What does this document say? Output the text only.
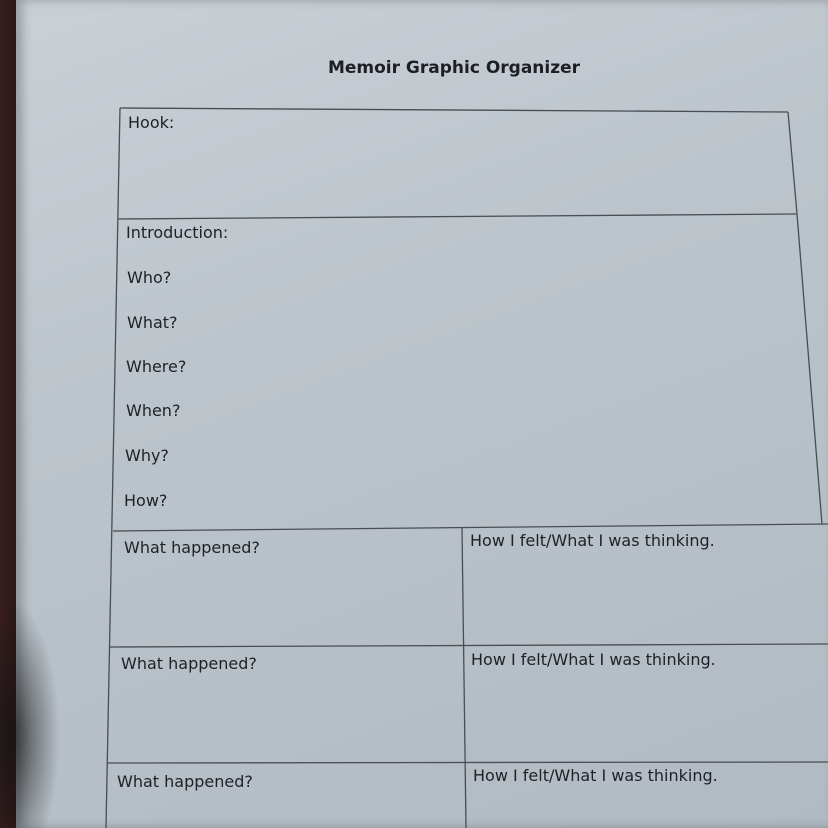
Memoir Graphic Organizer
Hook:
Introduction:
Who?
What?
Where?
When?
Why?
How?
What happened?	How I felt/What I was thinking.
What happened?	How I felt/What I was thinking.
What happened?	How I felt/What I was thinking.
